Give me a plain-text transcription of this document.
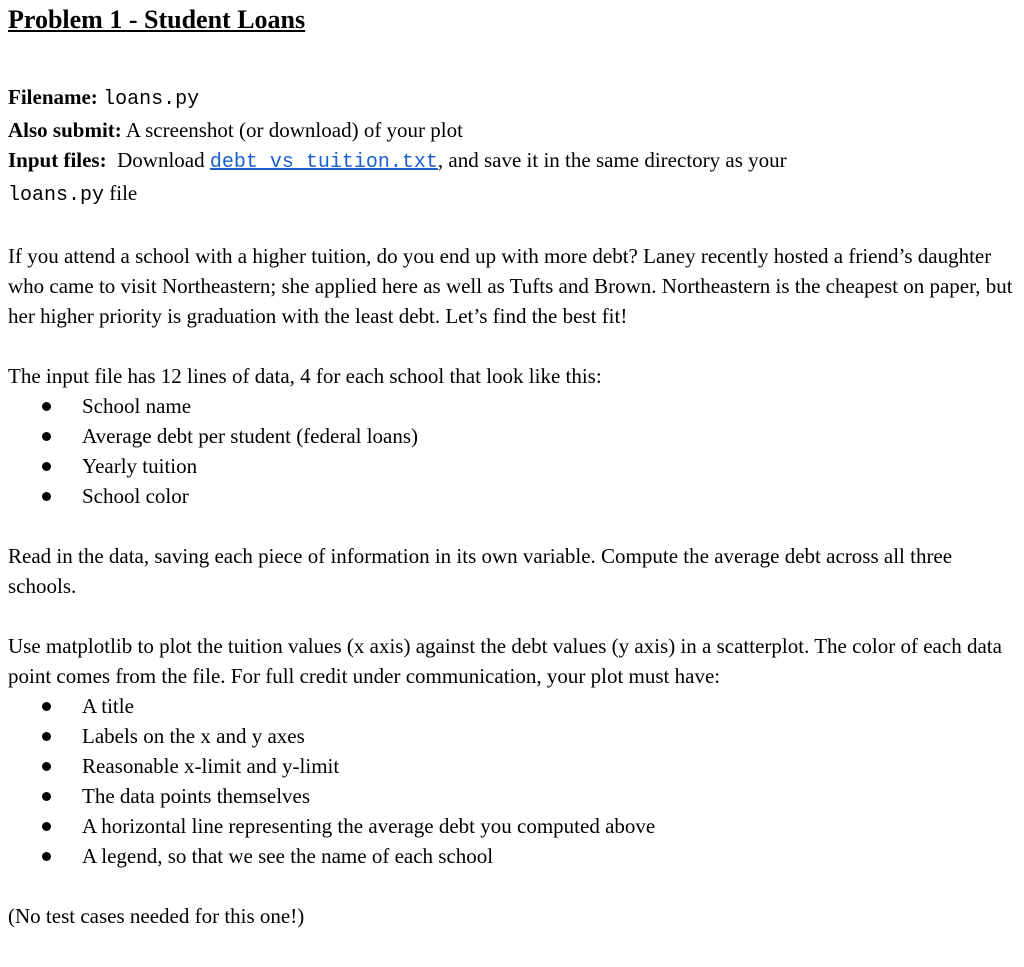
Problem 1 - Student Loans

Filename: loans.py

Also submit: A screenshot (or download) of your plot

Input files: Download debt_vs_tuition.txt, and save it in the same directory as your
loans.py file

If you attend a school with a higher tuition, do you end up with more debt? Laney recently hosted a friend’s daughter who came to visit Northeastern; she applied here as well as Tufts and Brown. Northeastern is the cheapest on paper, but her higher priority is graduation with the least debt. Let’s find the best fit!

The input file has 12 lines of data, 4 for each school that look like this:

School name
Average debt per student (federal loans)
Yearly tuition
School color

Read in the data, saving each piece of information in its own variable. Compute the average debt across all three schools.

Use matplotlib to plot the tuition values (x axis) against the debt values (y axis) in a scatterplot. The color of each data point comes from the file. For full credit under communication, your plot must have:

A title
Labels on the x and y axes
Reasonable x-limit and y-limit
The data points themselves
A horizontal line representing the average debt you computed above
A legend, so that we see the name of each school

(No test cases needed for this one!)
